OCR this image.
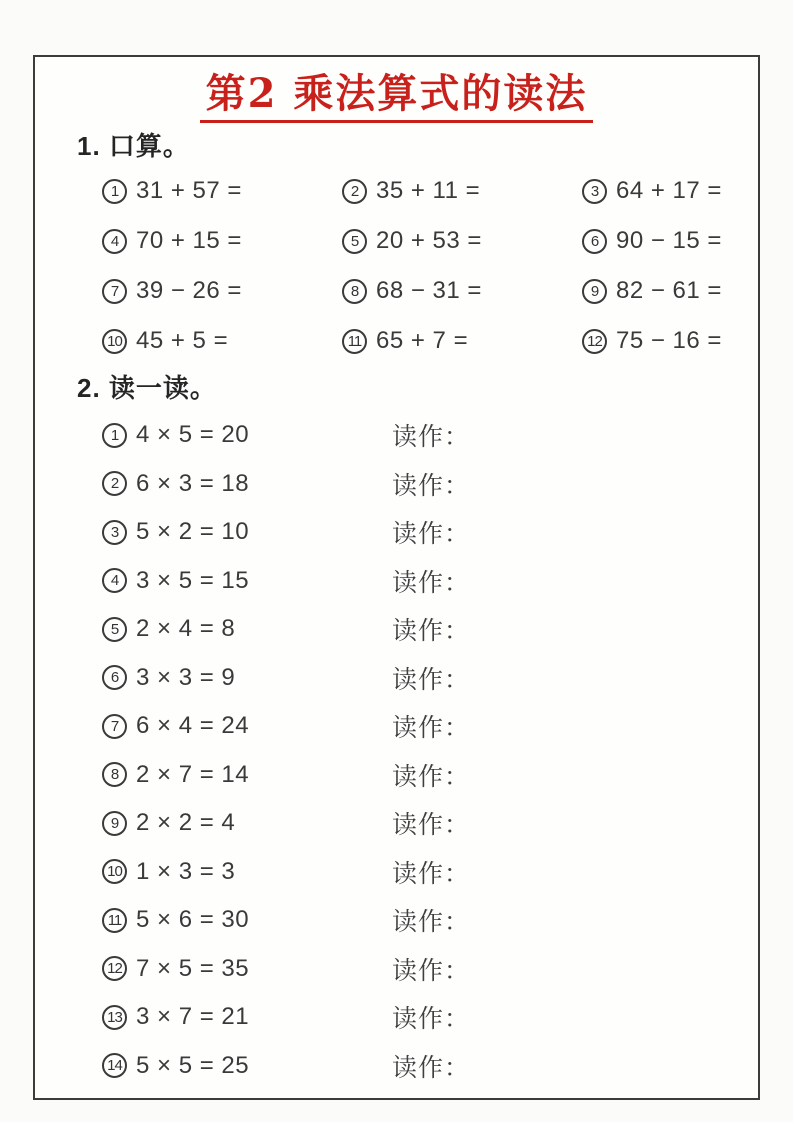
第2 乘法算式的读法
1. 口算。
1 31 + 57 =	2 35 + 11 =	3 64 + 17 =
4 70 + 15 =	5 20 + 53 =	6 90 − 15 =
7 39 − 26 =	8 68 − 31 =	9 82 − 61 =
10 45 + 5 =	11 65 + 7 =	12 75 − 16 =
2. 读一读。
1 4 × 5 = 20	读作：
2 6 × 3 = 18	读作：
3 5 × 2 = 10	读作：
4 3 × 5 = 15	读作：
5 2 × 4 = 8	读作：
6 3 × 3 = 9	读作：
7 6 × 4 = 24	读作：
8 2 × 7 = 14	读作：
9 2 × 2 = 4	读作：
10 1 × 3 = 3	读作：
11 5 × 6 = 30	读作：
12 7 × 5 = 35	读作：
13 3 × 7 = 21	读作：
14 5 × 5 = 25	读作：
